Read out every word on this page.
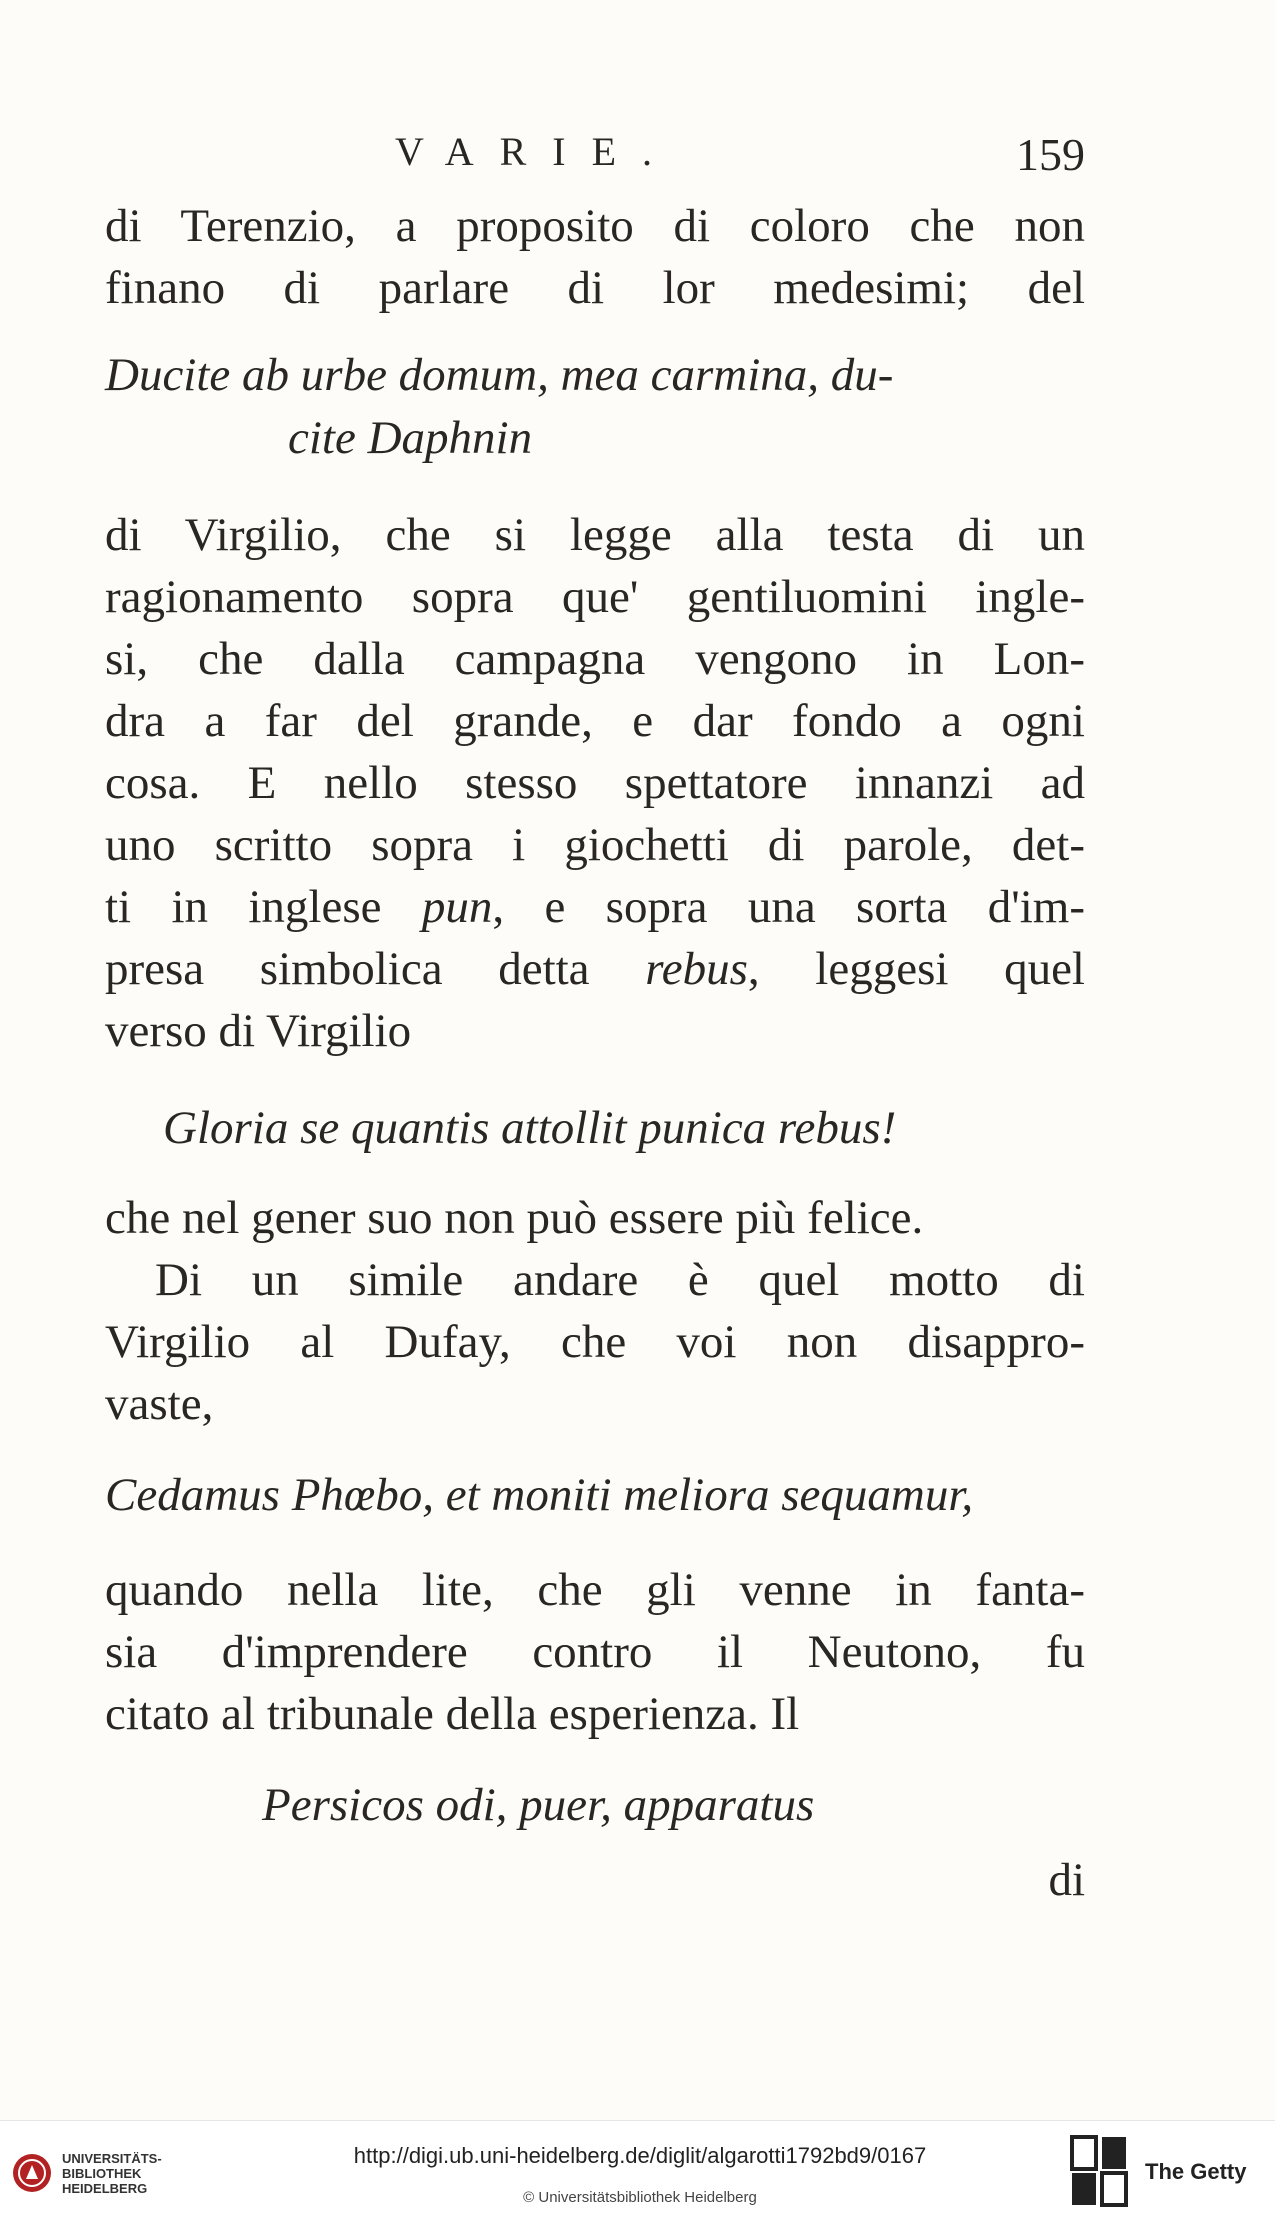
VARIE.	159
di Terenzio, a proposito di coloro che non
finano di parlare di lor medesimi; del
Ducite ab urbe domum, mea carmina, du-
cite Daphnin
di Virgilio, che si legge alla testa di un
ragionamento sopra que' gentiluomini ingle-
si, che dalla campagna vengono in Lon-
dra a far del grande, e dar fondo a ogni
cosa. E nello stesso spettatore innanzi ad
uno scritto sopra i giochetti di parole, det-
ti in inglese pun, e sopra una sorta d'im-
presa simbolica detta rebus, leggesi quel
verso di Virgilio
Gloria se quantis attollit punica rebus!
che nel gener suo non può essere più felice.
Di un simile andare è quel motto di
Virgilio al Dufay, che voi non disappro-
vaste,
Cedamus Phœbo, et moniti meliora sequamur,
quando nella lite, che gli venne in fanta-
sia d'imprendere contro il Neutono, fu
citato al tribunale della esperienza. Il
Persicos odi, puer, apparatus
di
UNIVERSITÄTS-
BIBLIOTHEK
HEIDELBERG
http://digi.ub.uni-heidelberg.de/diglit/algarotti1792bd9/0167
© Universitätsbibliothek Heidelberg
The Getty
